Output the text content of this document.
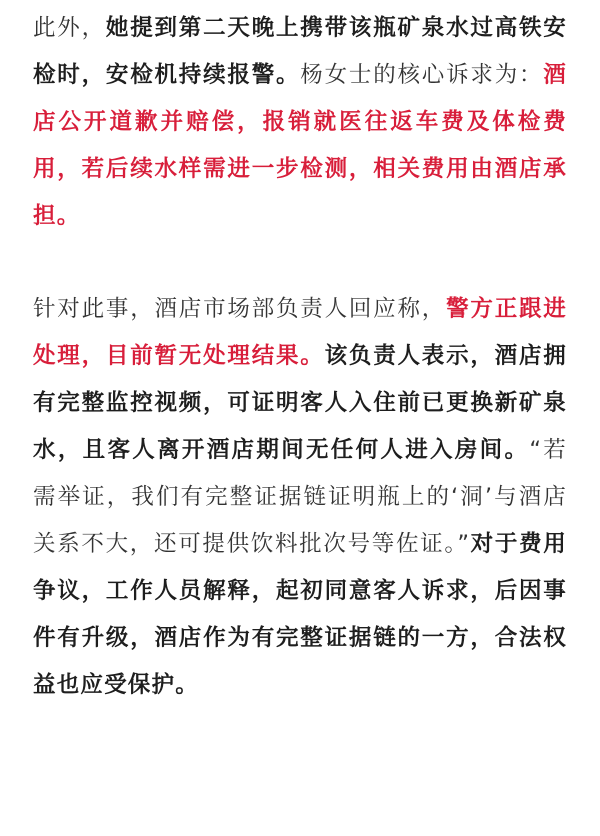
此外，她提到第二天晚上携带该瓶矿泉水过高铁安检时，安检机持续报警。杨女士的核心诉求为：酒店公开道歉并赔偿，报销就医往返车费及体检费用，若后续水样需进一步检测，相关费用由酒店承担。

针对此事，酒店市场部负责人回应称，警方正跟进处理，目前暂无处理结果。该负责人表示，酒店拥有完整监控视频，可证明客人入住前已更换新矿泉水，且客人离开酒店期间无任何人进入房间。“若需举证，我们有完整证据链证明瓶上的‘洞’与酒店关系不大，还可提供饮料批次号等佐证。”对于费用争议，工作人员解释，起初同意客人诉求，后因事件有升级，酒店作为有完整证据链的一方，合法权益也应受保护。
